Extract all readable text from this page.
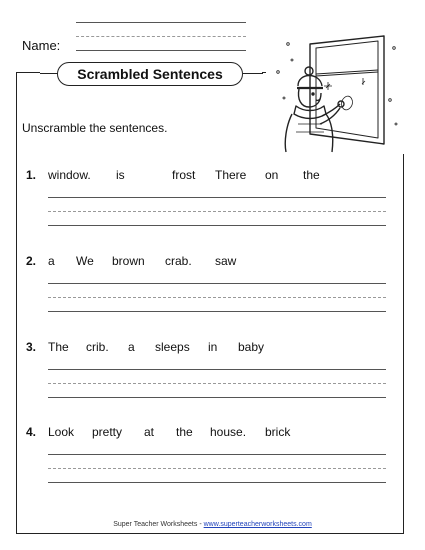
Name:
Scrambled Sentences
Unscramble the sentences.
1. window. is	frost There on the
2. a We brown crab. saw
3. The crib. a sleeps in baby
4. Look pretty at the house. brick
Super Teacher Worksheets - www.superteacherworksheets.com
